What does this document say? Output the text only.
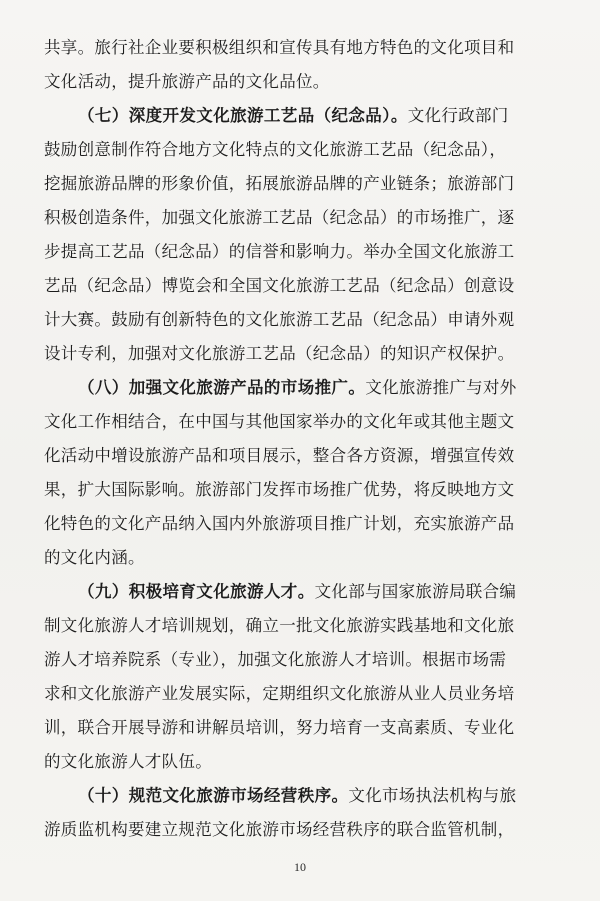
共享。旅行社企业要积极组织和宣传具有地方特色的文化项目和
文化活动，提升旅游产品的文化品位。
（七）深度开发文化旅游工艺品（纪念品）。文化行政部门
鼓励创意制作符合地方文化特点的文化旅游工艺品（纪念品），
挖掘旅游品牌的形象价值，拓展旅游品牌的产业链条；旅游部门
积极创造条件，加强文化旅游工艺品（纪念品）的市场推广，逐
步提高工艺品（纪念品）的信誉和影响力。举办全国文化旅游工
艺品（纪念品）博览会和全国文化旅游工艺品（纪念品）创意设
计大赛。鼓励有创新特色的文化旅游工艺品（纪念品）申请外观
设计专利，加强对文化旅游工艺品（纪念品）的知识产权保护。
（八）加强文化旅游产品的市场推广。文化旅游推广与对外
文化工作相结合，在中国与其他国家举办的文化年或其他主题文
化活动中增设旅游产品和项目展示，整合各方资源，增强宣传效
果，扩大国际影响。旅游部门发挥市场推广优势，将反映地方文
化特色的文化产品纳入国内外旅游项目推广计划，充实旅游产品
的文化内涵。
（九）积极培育文化旅游人才。文化部与国家旅游局联合编
制文化旅游人才培训规划，确立一批文化旅游实践基地和文化旅
游人才培养院系（专业），加强文化旅游人才培训。根据市场需
求和文化旅游产业发展实际，定期组织文化旅游从业人员业务培
训，联合开展导游和讲解员培训，努力培育一支高素质、专业化
的文化旅游人才队伍。
（十）规范文化旅游市场经营秩序。文化市场执法机构与旅
游质监机构要建立规范文化旅游市场经营秩序的联合监管机制，
10
